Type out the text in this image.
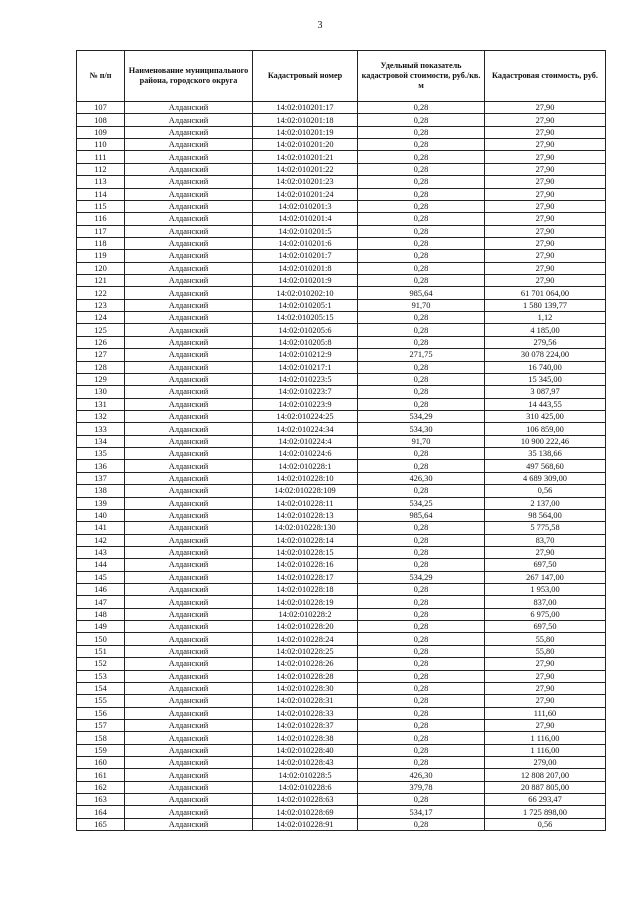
3
№ п/п	Наименование муниципального района, городского округа	Кадастровый номер	Удельный показатель кадастровой стоимости, руб./кв. м	Кадастровая стоимость, руб.
107	Алданский	14:02:010201:17	0,28	27,90
108	Алданский	14:02:010201:18	0,28	27,90
109	Алданский	14:02:010201:19	0,28	27,90
110	Алданский	14:02:010201:20	0,28	27,90
111	Алданский	14:02:010201:21	0,28	27,90
112	Алданский	14:02:010201:22	0,28	27,90
113	Алданский	14:02:010201:23	0,28	27,90
114	Алданский	14:02:010201:24	0,28	27,90
115	Алданский	14:02:010201:3	0,28	27,90
116	Алданский	14:02:010201:4	0,28	27,90
117	Алданский	14:02:010201:5	0,28	27,90
118	Алданский	14:02:010201:6	0,28	27,90
119	Алданский	14:02:010201:7	0,28	27,90
120	Алданский	14:02:010201:8	0,28	27,90
121	Алданский	14:02:010201:9	0,28	27,90
122	Алданский	14:02:010202:10	985,64	61 701 064,00
123	Алданский	14:02:010205:1	91,70	1 580 139,77
124	Алданский	14:02:010205:15	0,28	1,12
125	Алданский	14:02:010205:6	0,28	4 185,00
126	Алданский	14:02:010205:8	0,28	279,56
127	Алданский	14:02:010212:9	271,75	30 078 224,00
128	Алданский	14:02:010217:1	0,28	16 740,00
129	Алданский	14:02:010223:5	0,28	15 345,00
130	Алданский	14:02:010223:7	0,28	3 087,97
131	Алданский	14:02:010223:9	0,28	14 443,55
132	Алданский	14:02:010224:25	534,29	310 425,00
133	Алданский	14:02:010224:34	534,30	106 859,00
134	Алданский	14:02:010224:4	91,70	10 900 222,46
135	Алданский	14:02:010224:6	0,28	35 138,66
136	Алданский	14:02:010228:1	0,28	497 568,60
137	Алданский	14:02:010228:10	426,30	4 689 309,00
138	Алданский	14:02:010228:109	0,28	0,56
139	Алданский	14:02:010228:11	534,25	2 137,00
140	Алданский	14:02:010228:13	985,64	98 564,00
141	Алданский	14:02:010228:130	0,28	5 775,58
142	Алданский	14:02:010228:14	0,28	83,70
143	Алданский	14:02:010228:15	0,28	27,90
144	Алданский	14:02:010228:16	0,28	697,50
145	Алданский	14:02:010228:17	534,29	267 147,00
146	Алданский	14:02:010228:18	0,28	1 953,00
147	Алданский	14:02:010228:19	0,28	837,00
148	Алданский	14:02:010228:2	0,28	6 975,00
149	Алданский	14:02:010228:20	0,28	697,50
150	Алданский	14:02:010228:24	0,28	55,80
151	Алданский	14:02:010228:25	0,28	55,80
152	Алданский	14:02:010228:26	0,28	27,90
153	Алданский	14:02:010228:28	0,28	27,90
154	Алданский	14:02:010228:30	0,28	27,90
155	Алданский	14:02:010228:31	0,28	27,90
156	Алданский	14:02:010228:33	0,28	111,60
157	Алданский	14:02:010228:37	0,28	27,90
158	Алданский	14:02:010228:38	0,28	1 116,00
159	Алданский	14:02:010228:40	0,28	1 116,00
160	Алданский	14:02:010228:43	0,28	279,00
161	Алданский	14:02:010228:5	426,30	12 808 207,00
162	Алданский	14:02:010228:6	379,78	20 887 805,00
163	Алданский	14:02:010228:63	0,28	66 293,47
164	Алданский	14:02:010228:69	534,17	1 725 898,00
165	Алданский	14:02:010228:91	0,28	0,56
